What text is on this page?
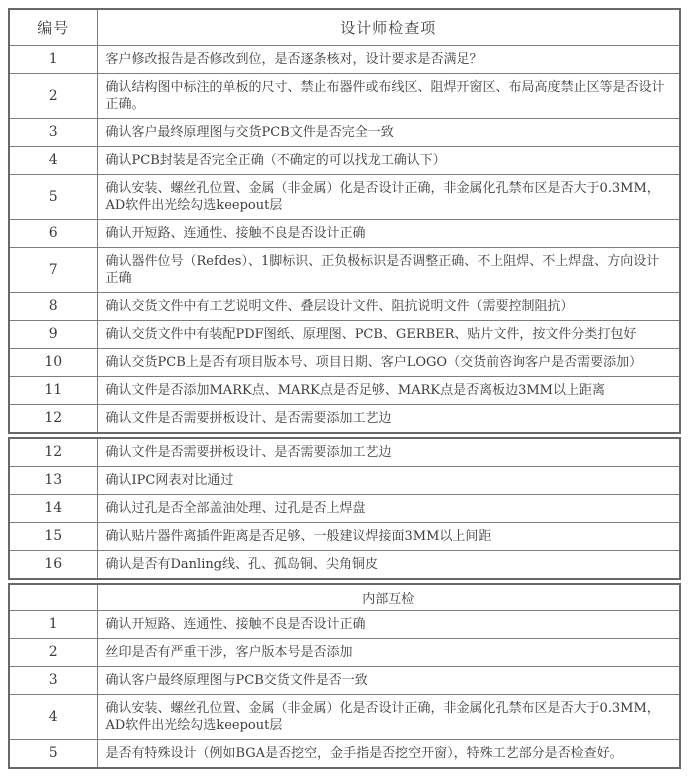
编号	设计师检查项
1	客户修改报告是否修改到位，是否逐条核对，设计要求是否满足？
2	确认结构图中标注的单板的尺寸、禁止布器件或布线区、阻焊开窗区、布局高度禁止区等是否设计正确。
3	确认客户最终原理图与交货PCB文件是否完全一致
4	确认PCB封装是否完全正确（不确定的可以找龙工确认下）
5	确认安装、螺丝孔位置、金属（非金属）化是否设计正确，非金属化孔禁布区是否大于0.3MM，AD软件出光绘勾选keepout层
6	确认开短路、连通性、接触不良是否设计正确
7	确认器件位号（Refdes）、1脚标识、正负极标识是否调整正确、不上阻焊、不上焊盘、方向设计正确
8	确认交货文件中有工艺说明文件、叠层设计文件、阻抗说明文件（需要控制阻抗）
9	确认交货文件中有装配PDF图纸、原理图、PCB、GERBER、贴片文件，按文件分类打包好
10	确认交货PCB上是否有项目版本号、项目日期、客户LOGO（交货前咨询客户是否需要添加）
11	确认文件是否添加MARK点、MARK点是否足够、MARK点是否离板边3MM以上距离
12	确认文件是否需要拼板设计、是否需要添加工艺边
12	确认文件是否需要拼板设计、是否需要添加工艺边
13	确认IPC网表对比通过
14	确认过孔是否全部盖油处理、过孔是否上焊盘
15	确认贴片器件离插件距离是否足够、一般建议焊接面3MM以上间距
16	确认是否有Danling线、孔、孤岛铜、尖角铜皮
	内部互检
1	确认开短路、连通性、接触不良是否设计正确
2	丝印是否有严重干涉，客户版本号是否添加
3	确认客户最终原理图与PCB交货文件是否一致
4	确认安装、螺丝孔位置、金属（非金属）化是否设计正确，非金属化孔禁布区是否大于0.3MM，AD软件出光绘勾选keepout层
5	是否有特殊设计（例如BGA是否挖空，金手指是否挖空开窗），特殊工艺部分是否检查好。
